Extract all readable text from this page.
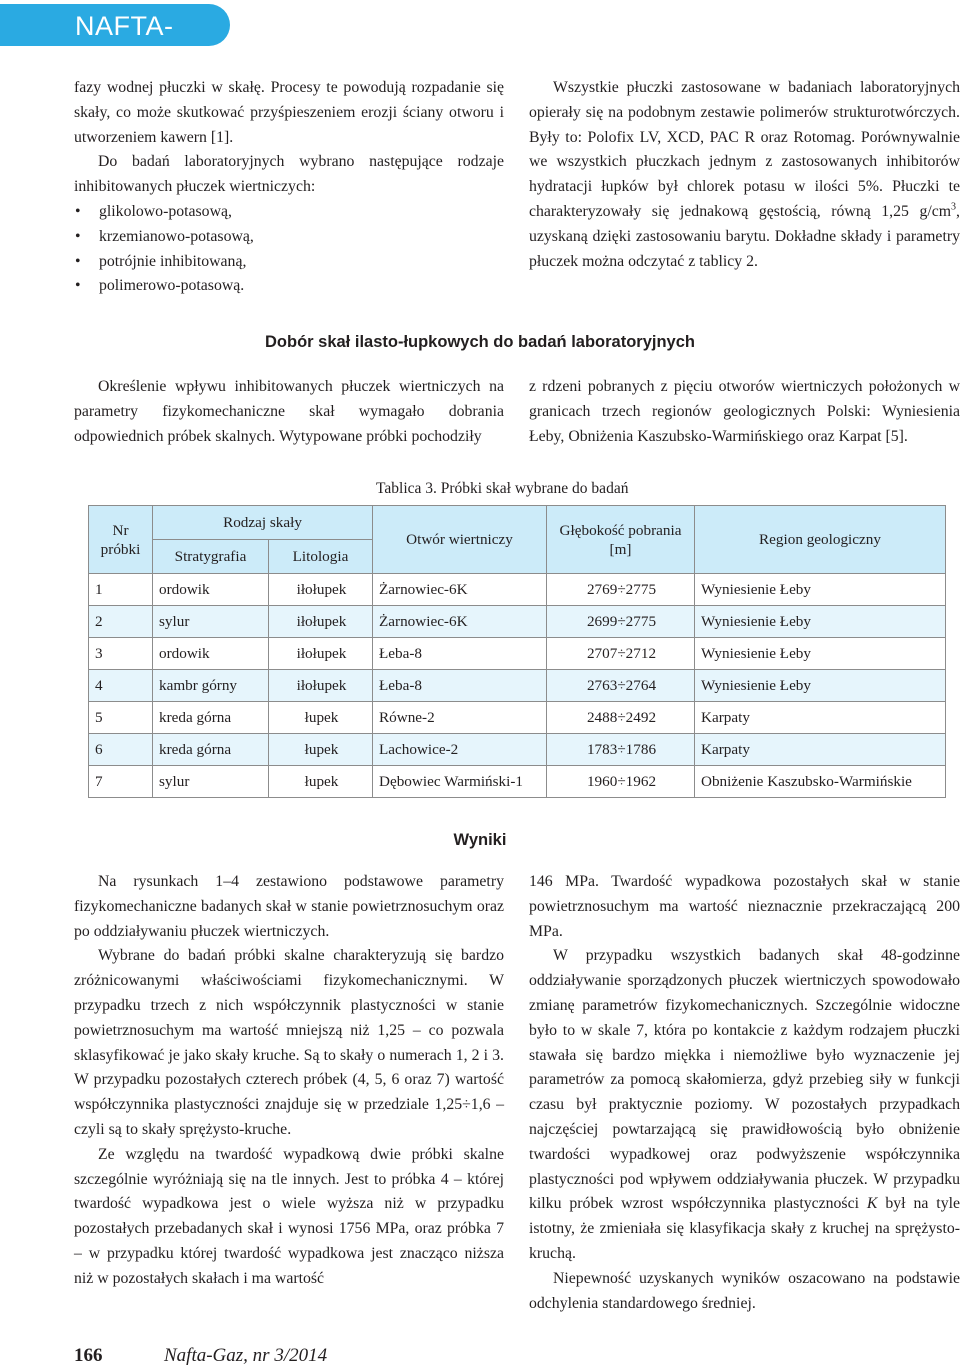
NAFTA-GAZ

fazy wodnej płuczki w skałę. Procesy te powodują rozpadanie się skały, co może skutkować przyśpieszeniem erozji ściany otworu i utworzeniem kawern [1].

Do badań laboratoryjnych wybrano następujące rodzaje inhibitowanych płuczek wiertniczych:

• glikolowo-potasową,
• krzemianowo-potasową,
• potrójnie inhibitowaną,
• polimerowo-potasową.

Wszystkie płuczki zastosowane w badaniach laboratoryjnych opierały się na podobnym zestawie polimerów strukturotwórczych. Były to: Polofix LV, XCD, PAC R oraz Rotomag. Porównywalnie we wszystkich płuczkach jednym z zastosowanych inhibitorów hydratacji łupków był chlorek potasu w ilości 5%. Płuczki te charakteryzowały się jednakową gęstością, równą 1,25 $g/cm^3$, uzyskaną dzięki zastosowaniu barytu. Dokładne składy i parametry płuczek można odczytać z tablicy 2.

Dobór skał ilasto-łupkowych do badań laboratoryjnych

Określenie wpływu inhibitowanych płuczek wiertniczych na parametry fizykomechaniczne skał wymagało dobrania odpowiednich próbek skalnych. Wytypowane próbki pochodziły

z rdzeni pobranych z pięciu otworów wiertniczych położonych w granicach trzech regionów geologicznych Polski: Wyniesienia Łeby, Obniżenia Kaszubsko-Warmińskiego oraz Karpat [5].

Tablica 3. Próbki skał wybrane do badań
Nr próbki	Rodzaj skały		Otwór wiertniczy	Głębokość pobrania [m]	Region geologiczny
	Stratygrafia	Litologia			
1	ordowik	iłołupek	Żarnowiec-6K	2769÷2775	Wyniesienie Łeby
2	sylur	iłołupek	Żarnowiec-6K	2699÷2775	Wyniesienie Łeby
3	ordowik	iłołupek	Łeba-8	2707÷2712	Wyniesienie Łeby
4	kambr górny	iłołupek	Łeba-8	2763÷2764	Wyniesienie Łeby
5	kreda górna	łupek	Równe-2	2488÷2492	Karpaty
6	kreda górna	łupek	Lachowice-2	1783÷1786	Karpaty
7	sylur	łupek	Dębowiec Warmiński-1	1960÷1962	Obniżenie Kaszubsko-Warmińskie
Wyniki

Na rysunkach 1–4 zestawiono podstawowe parametry fizykomechaniczne badanych skał w stanie powietrznosuchym oraz po oddziaływaniu płuczek wiertniczych.

Wybrane do badań próbki skalne charakteryzują się bardzo zróżnicowanymi właściwościami fizykomechanicznymi. W przypadku trzech z nich współczynnik plastyczności w stanie powietrznosuchym ma wartość mniejszą niż 1,25 – co pozwala sklasyfikować je jako skały kruche. Są to skały o numerach 1, 2 i 3. W przypadku pozostałych czterech próbek (4, 5, 6 oraz 7) wartość współczynnika plastyczności znajduje się w przedziale 1,25÷1,6 – czyli są to skały sprężysto-kruche.

Ze względu na twardość wypadkową dwie próbki skalne szczególnie wyróżniają się na tle innych. Jest to próbka 4 – której twardość wypadkowa jest o wiele wyższa niż w przypadku pozostałych przebadanych skał i wynosi 1756 MPa, oraz próbka 7 – w przypadku której twardość wypadkowa jest znacząco niższa niż w pozostałych skałach i ma wartość

146 MPa. Twardość wypadkowa pozostałych skał w stanie powietrznosuchym ma wartość nieznacznie przekraczającą 200 MPa.

W przypadku wszystkich badanych skał 48-godzinne oddziaływanie sporządzonych płuczek wiertniczych spowodowało zmianę parametrów fizykomechanicznych. Szczególnie widoczne było to w skale 7, która po kontakcie z każdym rodzajem płuczki stawała się bardzo miękka i niemożliwe było wyznaczenie jej parametrów za pomocą skałomierza, gdyż przebieg siły w funkcji czasu był praktycznie poziomy. W pozostałych przypadkach najczęściej powtarzającą się prawidłowością było obniżenie twardości wypadkowej oraz podwyższenie współczynnika plastyczności pod wpływem oddziaływania płuczek. W przypadku kilku próbek wzrost współczynnika plastyczności K był na tyle istotny, że zmieniała się klasyfikacja skały z kruchej na sprężysto-kruchą.

Niepewność uzyskanych wyników oszacowano na podstawie odchylenia standardowego średniej.

166	Nafta-Gaz, nr 3/2014
